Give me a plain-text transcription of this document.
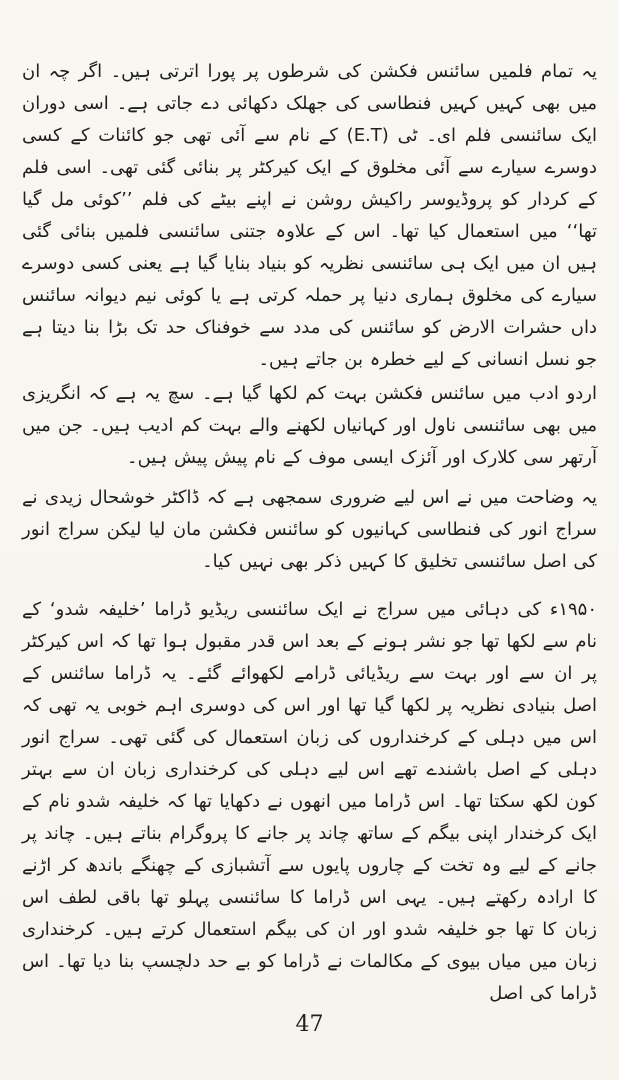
یہ تمام فلمیں سائنس فکشن کی شرطوں پر پورا اترتی ہیں۔ اگر چہ ان میں بھی کہیں کہیں فنطاسی کی جھلک دکھائی دے جاتی ہے۔ اسی دوران ایک سائنسی فلم ای۔ ٹی (E.T) کے نام سے آئی تھی جو کائنات کے کسی دوسرے سیارے سے آئی مخلوق کے ایک کیرکٹر پر بنائی گئی تھی۔ اسی فلم کے کردار کو پروڈیوسر راکیش روشن نے اپنے بیٹے کی فلم ’’کوئی مل گیا تھا‘‘ میں استعمال کیا تھا۔ اس کے علاوہ جتنی سائنسی فلمیں بنائی گئی ہیں ان میں ایک ہی سائنسی نظریہ کو بنیاد بنایا گیا ہے یعنی کسی دوسرے سیارے کی مخلوق ہماری دنیا پر حملہ کرتی ہے یا کوئی نیم دیوانہ سائنس داں حشرات الارض کو سائنس کی مدد سے خوفناک حد تک بڑا بنا دیتا ہے جو نسل انسانی کے لیے خطرہ بن جاتے ہیں۔

اردو ادب میں سائنس فکشن بہت کم لکھا گیا ہے۔ سچ یہ ہے کہ انگریزی میں بھی سائنسی ناول اور کہانیاں لکھنے والے بہت کم ادیب ہیں۔ جن میں آرتھر سی کلارک اور آئزک ایسی موف کے نام پیش پیش ہیں۔

یہ وضاحت میں نے اس لیے ضروری سمجھی ہے کہ ڈاکٹر خوشحال زیدی نے سراج انور کی فنطاسی کہانیوں کو سائنس فکشن مان لیا لیکن سراج انور کی اصل سائنسی تخلیق کا کہیں ذکر بھی نہیں کیا۔

۱۹۵۰ء کی دہائی میں سراج نے ایک سائنسی ریڈیو ڈراما ’خلیفہ شدو‘ کے نام سے لکھا تھا جو نشر ہونے کے بعد اس قدر مقبول ہوا تھا کہ اس کیرکٹر پر ان سے اور بہت سے ریڈیائی ڈرامے لکھوائے گئے۔ یہ ڈراما سائنس کے اصل بنیادی نظریہ پر لکھا گیا تھا اور اس کی دوسری اہم خوبی یہ تھی کہ اس میں دہلی کے کرخنداروں کی زبان استعمال کی گئی تھی۔ سراج انور دہلی کے اصل باشندے تھے اس لیے دہلی کی کرخنداری زبان ان سے بہتر کون لکھ سکتا تھا۔ اس ڈراما میں انھوں نے دکھایا تھا کہ خلیفہ شدو نام کے ایک کرخندار اپنی بیگم کے ساتھ چاند پر جانے کا پروگرام بناتے ہیں۔ چاند پر جانے کے لیے وہ تخت کے چاروں پایوں سے آتشبازی کے چھنگے باندھ کر اڑنے کا ارادہ رکھتے ہیں۔ یہی اس ڈراما کا سائنسی پہلو تھا باقی لطف اس زبان کا تھا جو خلیفہ شدو اور ان کی بیگم استعمال کرتے ہیں۔ کرخنداری زبان میں میاں بیوی کے مکالمات نے ڈراما کو بے حد دلچسپ بنا دیا تھا۔ اس ڈراما کی اصل

47
